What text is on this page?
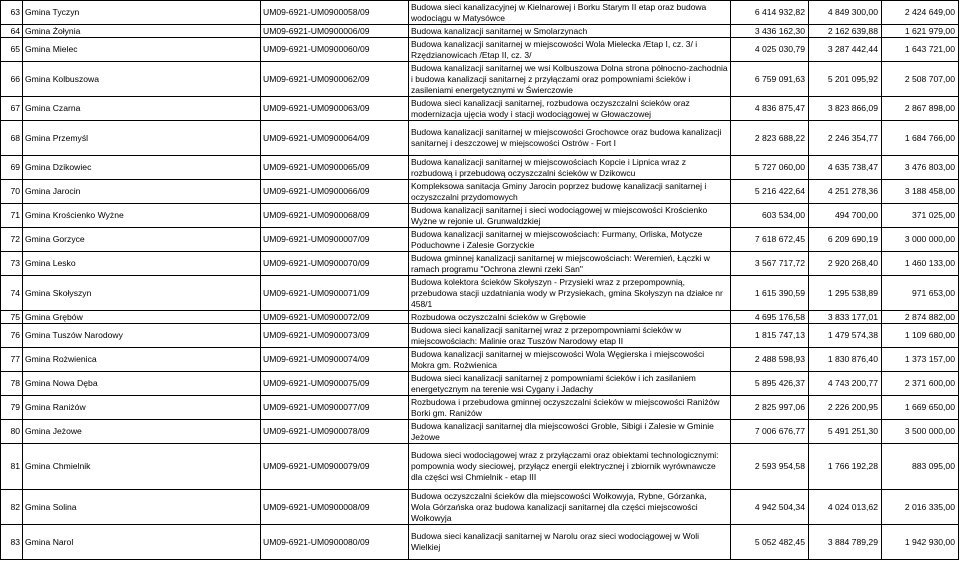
63	Gmina Tyczyn	UM09-6921-UM0900058/09	Budowa sieci kanalizacyjnej w Kielnarowej i Borku Starym II etap oraz budowa wodociągu w Matysówce	6 414 932,82	4 849 300,00	2 424 649,00
64	Gmina Żołynia	UM09-6921-UM0900006/09	Budowa kanalizacji sanitarnej w Smolarzynach	3 436 162,30	2 162 639,88	1 621 979,00
65	Gmina Mielec	UM09-6921-UM0900060/09	Budowa kanalizacji sanitarnej w miejscowości Wola Mielecka /Etap I, cz. 3/ i Rzędzianowicach /Etap II, cz. 3/	4 025 030,79	3 287 442,44	1 643 721,00
66	Gmina Kolbuszowa	UM09-6921-UM0900062/09	Budowa kanalizacji sanitarnej we wsi Kolbuszowa Dolna strona północno-zachodnia i budowa kanalizacji sanitarnej z przyłączami oraz pompowniami ścieków i zasileniami energetycznymi w Świerczowie	6 759 091,63	5 201 095,92	2 508 707,00
67	Gmina Czarna	UM09-6921-UM0900063/09	Budowa sieci kanalizacji sanitarnej, rozbudowa oczyszczalni ścieków oraz modernizacja ujęcia wody i stacji wodociągowej w Głowaczowej	4 836 875,47	3 823 866,09	2 867 898,00
68	Gmina Przemyśl	UM09-6921-UM0900064/09	Budowa kanalizacji sanitarnej w miejscowości Grochowce oraz budowa kanalizacji sanitarnej i deszczowej w miejscowości Ostrów - Fort I	2 823 688,22	2 246 354,77	1 684 766,00
69	Gmina Dzikowiec	UM09-6921-UM0900065/09	Budowa kanalizacji sanitarnej w miejscowościach Kopcie i Lipnica wraz z rozbudową i przebudową oczyszczalni ścieków w Dzikowcu	5 727 060,00	4 635 738,47	3 476 803,00
70	Gmina Jarocin	UM09-6921-UM0900066/09	Kompleksowa sanitacja Gminy Jarocin poprzez budowę kanalizacji sanitarnej i oczyszczalni przydomowych	5 216 422,64	4 251 278,36	3 188 458,00
71	Gmina Krościenko Wyżne	UM09-6921-UM0900068/09	Budowa kanalizacji sanitarnej i sieci wodociągowej w miejscowości Krościenko Wyżne w rejonie ul. Grunwaldzkiej	603 534,00	494 700,00	371 025,00
72	Gmina Gorzyce	UM09-6921-UM0900007/09	Budowa kanalizacji sanitarnej w miejscowościach: Furmany, Orliska, Motycze Poduchowne i Zalesie Gorzyckie	7 618 672,45	6 209 690,19	3 000 000,00
73	Gmina Lesko	UM09-6921-UM0900070/09	Budowa gminnej kanalizacji sanitarnej w miejscowościach: Weremień, Łączki w ramach programu "Ochrona zlewni rzeki San"	3 567 717,72	2 920 268,40	1 460 133,00
74	Gmina Skołyszyn	UM09-6921-UM0900071/09	Budowa kolektora ścieków Skołyszyn - Przysieki wraz z przepompownią, przebudowa stacji uzdatniania wody w Przysiekach, gmina Skołyszyn na działce nr 458/1	1 615 390,59	1 295 538,89	971 653,00
75	Gmina Grębów	UM09-6921-UM0900072/09	Rozbudowa oczyszczalni ścieków w Grębowie	4 695 176,58	3 833 177,01	2 874 882,00
76	Gmina Tuszów Narodowy	UM09-6921-UM0900073/09	Budowa sieci kanalizacji sanitarnej wraz z przepompowniami ścieków w miejscowościach: Malinie oraz Tuszów Narodowy etap II	1 815 747,13	1 479 574,38	1 109 680,00
77	Gmina Rożwienica	UM09-6921-UM0900074/09	Budowa kanalizacji sanitarnej w miejscowości Wola Węgierska i miejscowości Mokra gm. Rożwienica	2 488 598,93	1 830 876,40	1 373 157,00
78	Gmina Nowa Dęba	UM09-6921-UM0900075/09	Budowa sieci kanalizacji sanitarnej z pompowniami ścieków i ich zasilaniem energetycznym na terenie wsi Cygany i Jadachy	5 895 426,37	4 743 200,77	2 371 600,00
79	Gmina Raniżów	UM09-6921-UM0900077/09	Rozbudowa i przebudowa gminnej oczyszczalni ścieków w miejscowości Raniżów Borki gm. Raniżów	2 825 997,06	2 226 200,95	1 669 650,00
80	Gmina Jeżowe	UM09-6921-UM0900078/09	Budowa kanalizacji sanitarnej dla miejscowości Groble, Sibigi i Zalesie w Gminie Jeżowe	7 006 676,77	5 491 251,30	3 500 000,00
81	Gmina Chmielnik	UM09-6921-UM0900079/09	Budowa sieci wodociągowej wraz z przyłączami oraz obiektami technologicznymi: pompownia wody sieciowej, przyłącz energii elektrycznej i zbiornik wyrównawcze dla części wsi Chmielnik - etap III	2 593 954,58	1 766 192,28	883 095,00
82	Gmina Solina	UM09-6921-UM0900008/09	Budowa oczyszczalni ścieków dla miejscowości Wołkowyja, Rybne, Górzanka, Wola Górzańska oraz budowa kanalizacji sanitarnej dla części miejscowości Wołkowyja	4 942 504,34	4 024 013,62	2 016 335,00
83	Gmina Narol	UM09-6921-UM0900080/09	Budowa sieci kanalizacji sanitarnej w Narolu oraz sieci wodociągowej w Woli Wielkiej	5 052 482,45	3 884 789,29	1 942 930,00
